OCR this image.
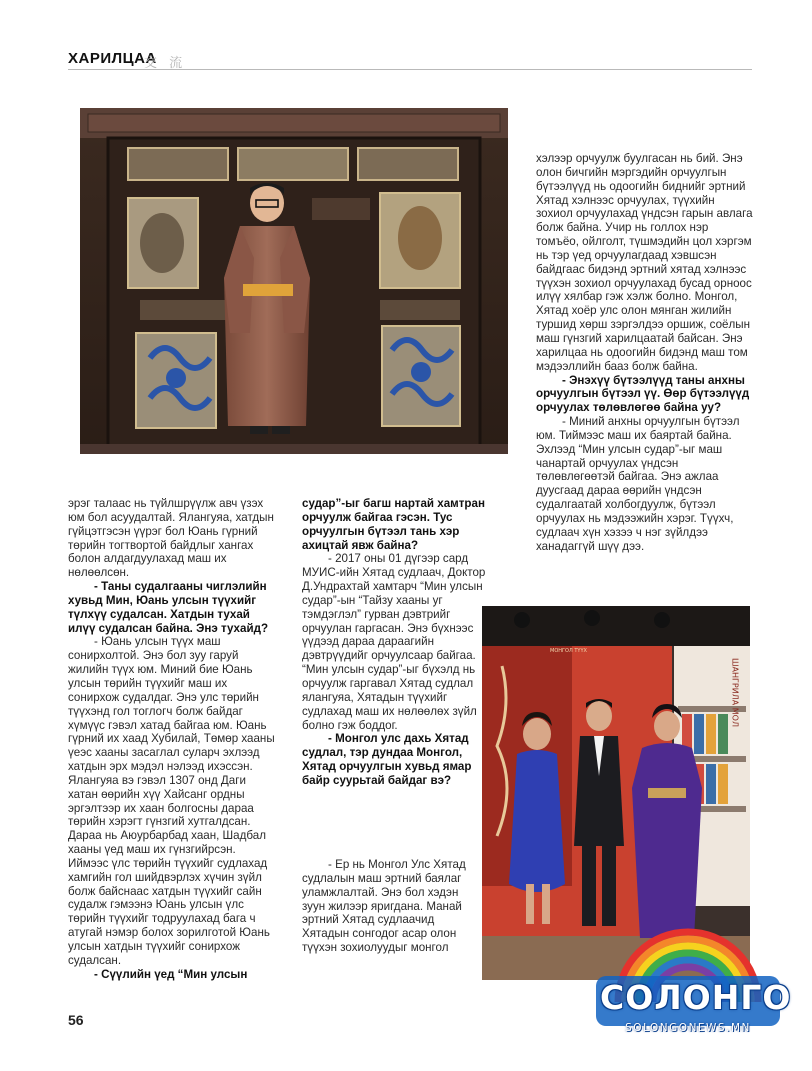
ХАРИЛЦАА
交 流

эрэг талаас нь түйлшрүүлж авч үзэх юм бол асуудалтай. Ялангуяа, хатдын гүйцэтгэсэн үүрэг бол Юань гүрний төрийн тогтвортой байдлыг хангах болон алдагдуулахад маш их нөлөөлсөн.

- Таны судалгааны чиглэлийн хувьд Мин, Юань улсын түүхийг түлхүү судалсан. Хатдын тухай илүү судалсан байна. Энэ тухайд?

- Юань улсын түүх маш сонирхолтой. Энэ бол зуу гаруй жилийн түүх юм. Миний бие Юань улсын төрийн түүхийг маш их сонирхож судалдаг. Энэ улс төрийн түүхэнд гол тоглогч болж байдаг хүмүүс гэвэл хатад байгаа юм. Юань гүрний их хаад Хубилай, Төмөр хааны үеэс хааны засаглал суларч эхлээд хатдын эрх мэдэл нэлээд ихэссэн. Ялангуяа вэ гэвэл 1307 онд Даги хатан өөрийн хүү Хайсанг ордны эргэлтээр их хаан болгосны дараа төрийн хэрэгт гүнзгий хутгалдсан. Дараа нь Аюурбарбад хаан, Шадбал хааны үед маш их гүнзгийрсэн. Иймээс үлс төрийн түүхийг судлахад хамгийн гол шийдвэрлэх хүчин зүйл болж байснаас хатдын түүхийг сайн судалж гэмээнэ Юань улсын үлс төрийн түүхийг тодруулахад бага ч атугай нэмэр болох зорилготой Юань улсын хатдын түүхийг сонирхож судалсан.

- Сүүлийн үед “Мин улсын

судар”-ыг багш нартай хамтран орчуулж байгаа гэсэн. Тус орчуулгын бүтээл тань хэр ахицтай явж байна?

- 2017 оны 01 дүгээр сард МУИС-ийн Хятад судлаач, Доктор Д.Ундрахтай хамтарч “Мин улсын судар”-ын “Тайзу хааны уг тэмдэглэл” гурван дэвтрийг орчуулан гаргасан. Энэ бүхнээс үүдээд дараа дараагийн дэвтрүүдийг орчуулсаар байгаа. “Мин улсын судар”-ыг бүхэлд нь орчуулж гаргавал Хятад судлал ялангуяа, Хятадын түүхийг судлахад маш их нөлөөлөх зүйл болно гэж боддог.

- Монгол улс дахь Хятад судлал, тэр дундаа Монгол, Хятад орчуулгын хувьд ямар байр суурьтай байдаг вэ?

- Ер нь Монгол Улс Хятад судлалын маш эртний баялаг уламжлалтай. Энэ бол хэдэн зуун жилээр яригдана. Манай эртний Хятад судлаачид Хятадын сонгодог асар олон түүхэн зохиолуудыг монгол

хэлээр орчуулж буулгасан нь бий. Энэ олон бичгийн мэргэдийн орчуулгын бүтээлүүд нь одоогийн биднийг эртний Хятад хэлнээс орчуулах, түүхийн зохиол орчуулахад үндсэн гарын авлага болж байна. Учир нь голлох нэр томъёо, ойлголт, түшмэдийн цол хэргэм нь тэр үед орчуулагдаад хэвшсэн байдгаас бидэнд эртний хятад хэлнээс түүхэн зохиол орчуулахад бусад орноос илүү хялбар гэж хэлж болно. Монгол, Хятад хоёр улс олон мянган жилийн туршид хөрш зэргэлдээ оршиж, соёлын маш гүнзгий харилцаатай байсан. Энэ харилцаа нь одоогийн бидэнд маш том мэдээллийн бааз болж байна.

- Энэхүү бүтээлүүд таны анхны орчуулгын бүтээл үү. Өөр бүтээлүүд орчуулах төлөвлөгөө байна уу?

- Миний анхны орчуулгын бүтээл юм. Тиймээс маш их баяртай байна. Эхлээд “Мин улсын судар”-ыг маш чанартай орчуулах үндсэн төлөвлөгөөтэй байгаа. Энэ ажлаа дуусгаад дараа өөрийн үндсэн судалгаатай холбогдуулж, бүтээл орчуулах нь мэдээжийн хэрэг. Түүхч, судлаач хүн хэзээ ч нэг зүйлдээ ханадаггүй шүү дээ.

ШАНГРИЛА МОЛ
МОНГОЛ ТҮҮХ
56
СОЛОНГО
SOLONGONEWS.MN
